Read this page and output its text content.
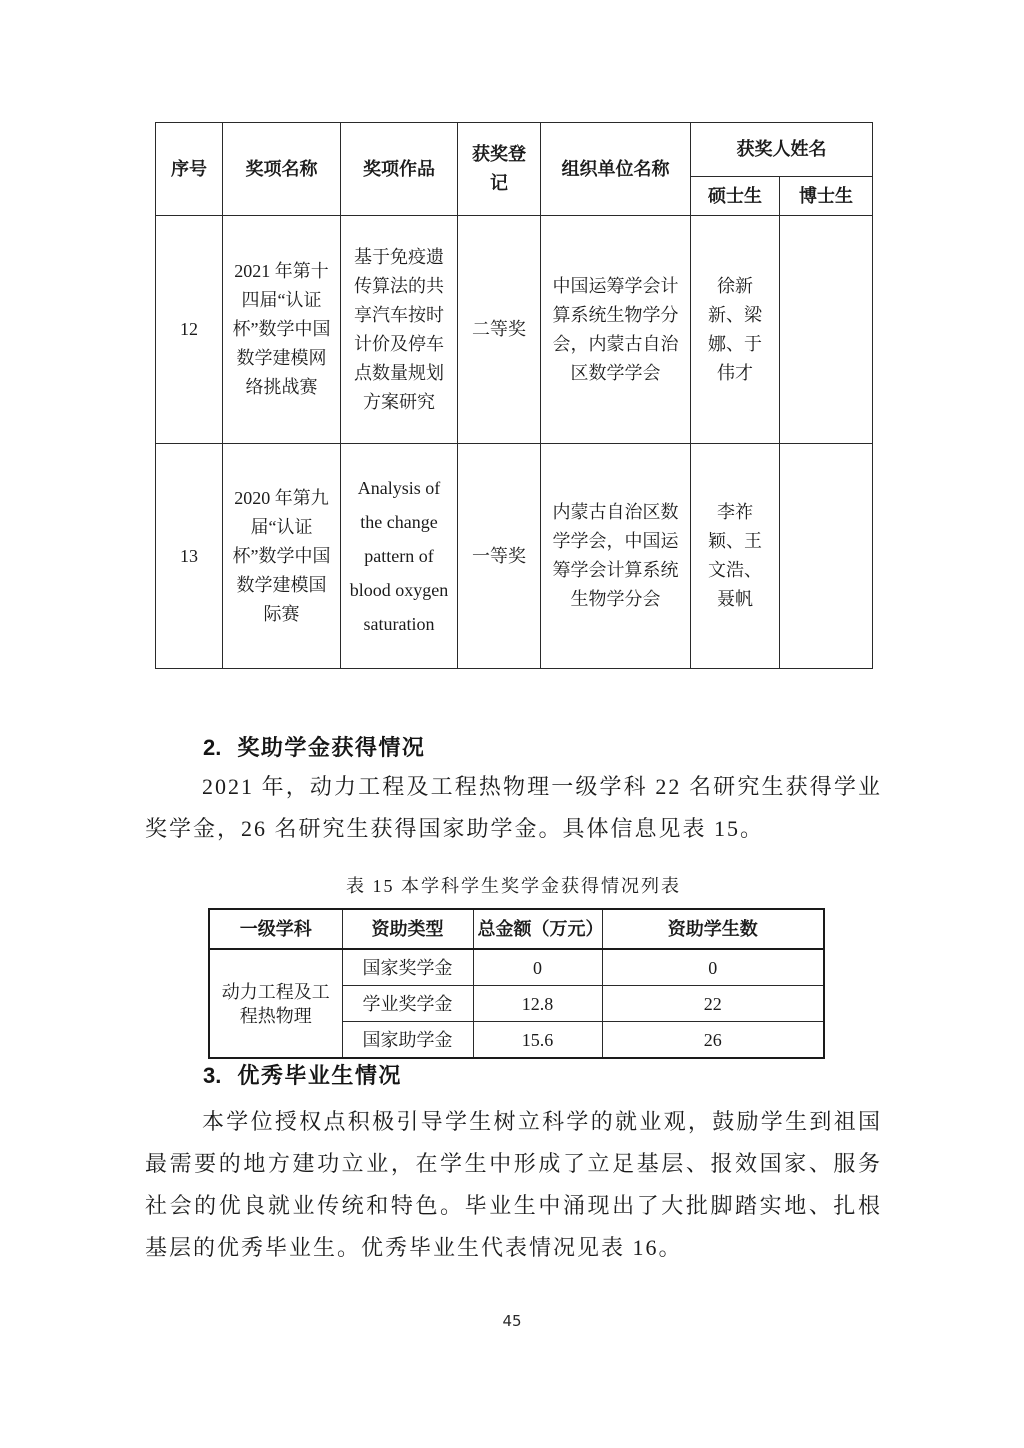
序号	奖项名称	奖项作品	获奖登记	组织单位名称	获奖人姓名	
					硕士生	博士生
12	2021 年第十四届“认证杯”数学中国数学建模网络挑战赛	基于免疫遗传算法的共享汽车按时计价及停车点数量规划 方案研究	二等奖	中国运筹学会计算系统生物学分会，内蒙古自治区数学学会	徐新新、梁娜、于伟才	
13	2020 年第九届“认证杯”数学中国数学建模国际赛	Analysis of the change pattern of blood oxygen saturation	一等奖	内蒙古自治区数学学会，中国运筹学会计算系统生物学分会	李祚颖、王文浩、聂帆	
2. 奖助学金获得情况
2021 年，动力工程及工程热物理一级学科 22 名研究生获得学业奖学金，26 名研究生获得国家助学金。具体信息见表 15。
表 15 本学科学生奖学金获得情况列表
一级学科	资助类型	总金额（万元）	资助学生数
动力工程及工程热物理	国家奖学金	0	0
	学业奖学金	12.8	22
	国家助学金	15.6	26
3. 优秀毕业生情况
本学位授权点积极引导学生树立科学的就业观，鼓励学生到祖国最需要的地方建功立业，在学生中形成了立足基层、报效国家、服务社会的优良就业传统和特色。毕业生中涌现出了大批脚踏实地、扎根基层的优秀毕业生。优秀毕业生代表情况见表 16。
45
